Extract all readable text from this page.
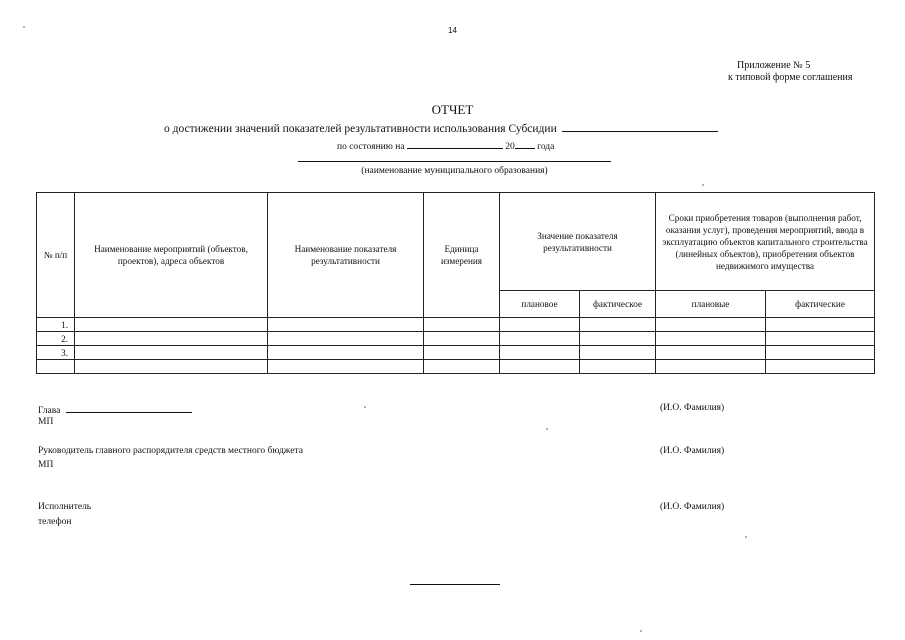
14
Приложение № 5
к типовой форме соглашения
ОТЧЕТ
о достижении значений показателей результативности использования Субсидии
по состоянию на	20 года
(наименование муниципального образования)
№ п/п	Наименование мероприятий (объектов, проектов), адреса объектов	Наименование показателя результативности	Единица измерения	Значение показателя результативности		Сроки приобретения товаров (выполнения работ, оказания услуг), проведения мероприятий, ввода в эксплуатацию объектов капитального строительства (линейных объектов), приобретения объектов недвижимого имущества	
				плановое	фактическое	плановые	фактические
1.							
2.							
3.							

Глава
МП
(И.О. Фамилия)
Руководитель главного распорядителя средств местного бюджета
МП
(И.О. Фамилия)
Исполнитель
телефон
(И.О. Фамилия)
